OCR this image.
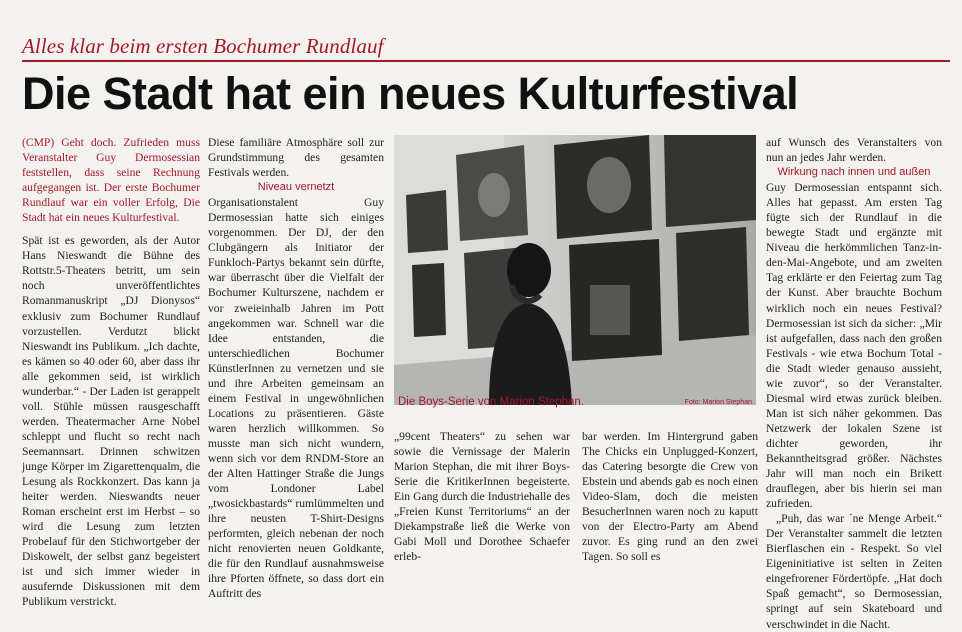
Alles klar beim ersten Bochumer Rundlauf
Die Stadt hat ein neues Kulturfestival

(CMP) Geht doch. Zufrieden muss Veranstalter Guy Dermosessian feststellen, dass seine Rechnung aufgegangen ist. Der erste Bochumer Rundlauf war ein voller Erfolg, Die Stadt hat ein neues Kulturfestival.

Spät ist es geworden, als der Autor Hans Nieswandt die Bühne des Rottstr.5-Theaters betritt, um sein noch unveröffentlichtes Romanmanuskript „DJ Dionysos“ exklusiv zum Bochumer Rundlauf vorzustellen. Verdutzt blickt Nieswandt ins Publikum. „Ich dachte, es kämen so 40 oder 60, aber dass ihr alle gekommen seid, ist wirklich wunderbar.“ - Der Laden ist gerappelt voll. Stühle müssen rausgeschafft werden. Theatermacher Arne Nobel schleppt und flucht so recht nach Seemannsart. Drinnen schwitzen junge Körper im Zigarettenqualm, die Lesung als Rockkonzert. Das kann ja heiter werden. Nieswandts neuer Roman erscheint erst im Herbst – so wird die Lesung zum letzten Probelauf für den Stichwortgeber der Diskowelt, der selbst ganz begeistert ist und sich immer wieder in ausufernde Diskussionen mit dem Publikum verstrickt.

Diese familiäre Atmosphäre soll zur Grundstimmung des gesamten Festivals werden.

Niveau vernetzt

Organisationstalent Guy Dermosessian hatte sich einiges vorgenommen. Der DJ, der den Clubgängern als Initiator der Funkloch-Partys bekannt sein dürfte, war überrascht über die Vielfalt der Bochumer Kulturszene, nachdem er vor zweieinhalb Jahren im Pott angekommen war. Schnell war die Idee entstanden, die unterschiedlichen Bochumer KünstlerInnen zu vernetzen und sie und ihre Arbeiten gemeinsam an einem Festival in ungewöhnlichen Locations zu präsentieren. Gäste waren herzlich willkommen. So musste man sich nicht wundern, wenn sich vor dem RNDM-Store an der Alten Hattinger Straße die Jungs vom Londoner Label „twosickbastards“ rumlümmelten und ihre neusten T-Shirt-Designs performten, gleich nebenan der noch nicht renovierten neuen Goldkante, die für den Rundlauf ausnahmsweise ihre Pforten öffnete, so dass dort ein Auftritt des

„99cent Theaters“ zu sehen war sowie die Vernissage der Malerin Marion Stephan, die mit ihrer Boys-Serie die KritikerInnen begeisterte. Ein Gang durch die Industriehalle des „Freien Kunst Territoriums“ an der Diekampstraße ließ die Werke von Gabi Moll und Dorothee Schaefer erleb-

bar werden. Im Hintergrund gaben The Chicks ein Unplugged-Konzert, das Catering besorgte die Crew von Ebstein und abends gab es noch einen Video-Slam, doch die meisten BesucherInnen waren noch zu kaputt von der Electro-Party am Abend zuvor. Es ging rund an den zwei Tagen. So soll es

auf Wunsch des Veranstalters von nun an jedes Jahr werden.

Wirkung nach innen und außen

Guy Dermosessian entspannt sich. Alles hat gepasst. Am ersten Tag fügte sich der Rundlauf in die bewegte Stadt und ergänzte mit Niveau die herkömmlichen Tanz-in-den-Mai-Angebote, und am zweiten Tag erklärte er den Feiertag zum Tag der Kunst. Aber brauchte Bochum wirklich noch ein neues Festival? Dermosessian ist sich da sicher: „Mir ist aufgefallen, dass nach den großen Festivals - wie etwa Bochum Total - die Stadt wieder genauso aussieht, wie zuvor“, so der Veranstalter. Diesmal wird etwas zurück bleiben. Man ist sich näher gekommen. Das Netzwerk der lokalen Szene ist dichter geworden, ihr Bekanntheitsgrad größer. Nächstes Jahr will man noch ein Brikett drauflegen, aber bis hierin sei man zufrieden.

„Puh, das war ´ne Menge Arbeit.“ Der Veranstalter sammelt die letzten Bierflaschen ein - Respekt. So viel Eigeninitiative ist selten in Zeiten eingefrorener Fördertöpfe. „Hat doch Spaß gemacht“, so Dermosessian, springt auf sein Skateboard und verschwindet in die Nacht.

Die Boys-Serie von Marion Stephan.	Foto: Marion Stephan
